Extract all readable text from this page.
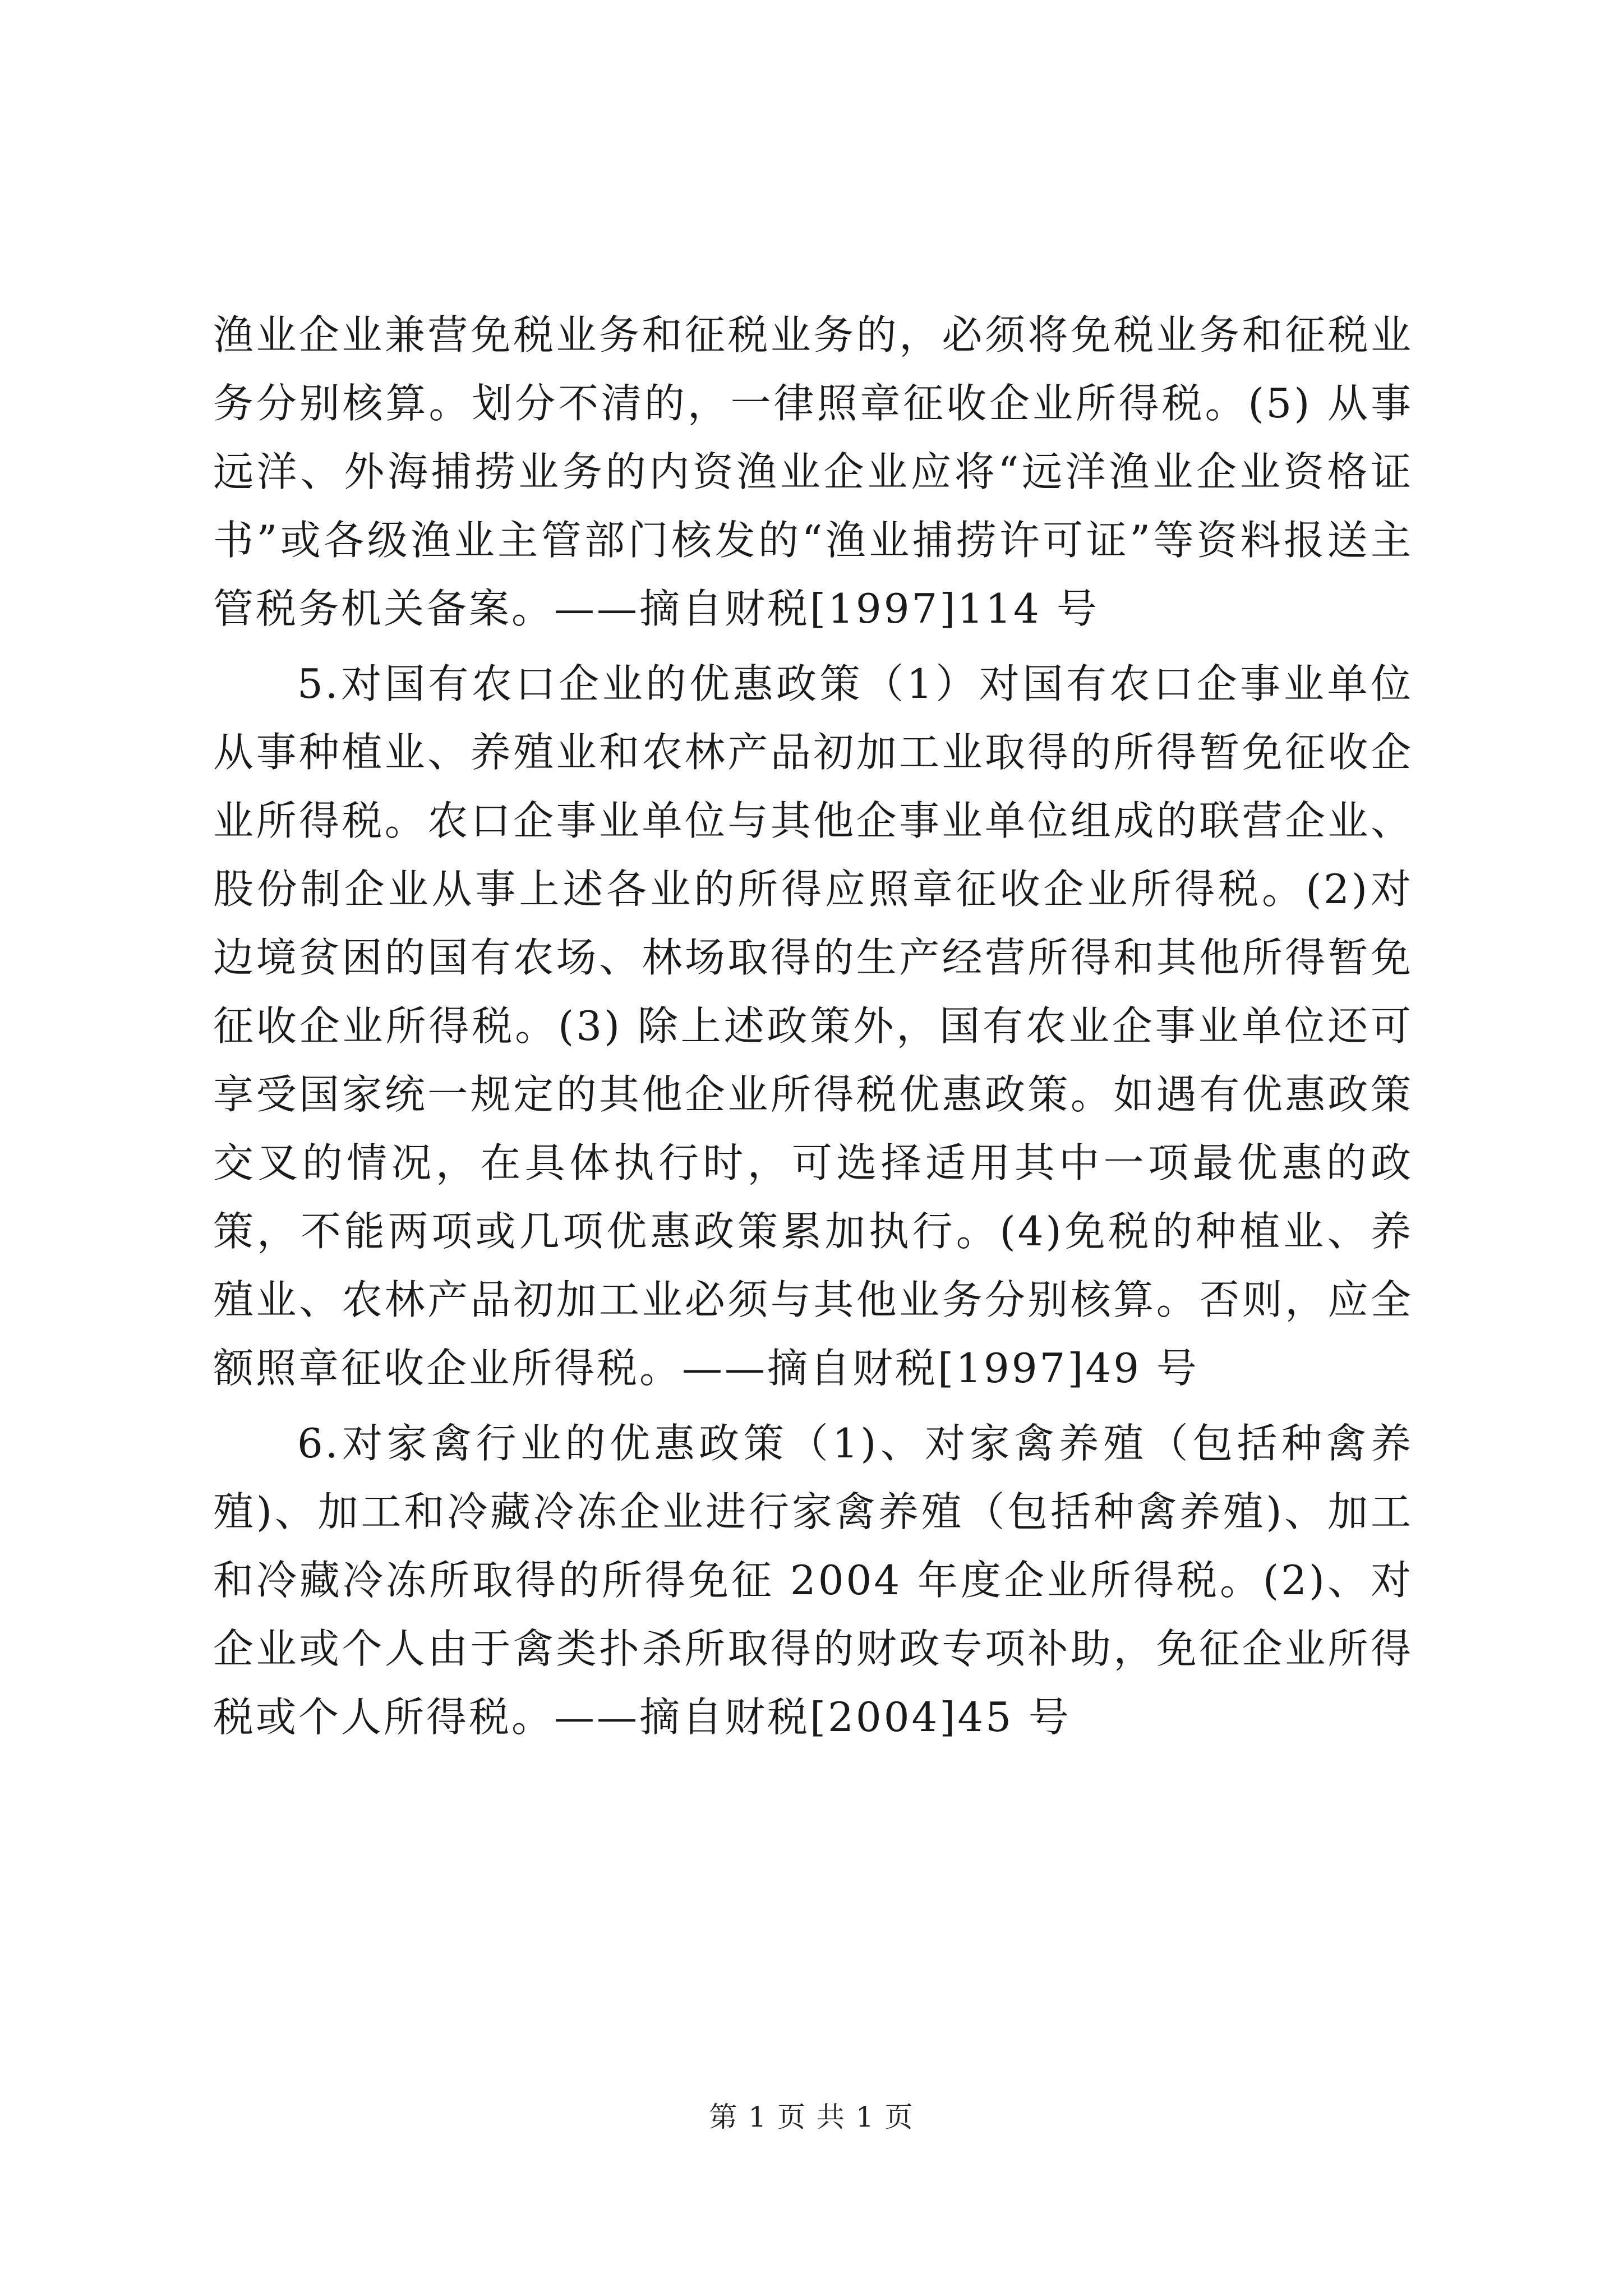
渔业企业兼营免税业务和征税业务的，必须将免税业务和征税业务分别核算。划分不清的，一律照章征收企业所得税。(5) 从事远洋、外海捕捞业务的内资渔业企业应将“远洋渔业企业资格证书”或各级渔业主管部门核发的“渔业捕捞许可证”等资料报送主管税务机关备案。——摘自财税[1997]114 号

5.对国有农口企业的优惠政策（1）对国有农口企事业单位从事种植业、养殖业和农林产品初加工业取得的所得暂免征收企业所得税。农口企事业单位与其他企事业单位组成的联营企业、股份制企业从事上述各业的所得应照章征收企业所得税。(2)对边境贫困的国有农场、林场取得的生产经营所得和其他所得暂免征收企业所得税。(3) 除上述政策外，国有农业企事业单位还可享受国家统一规定的其他企业所得税优惠政策。如遇有优惠政策交叉的情况，在具体执行时，可选择适用其中一项最优惠的政策，不能两项或几项优惠政策累加执行。(4)免税的种植业、养殖业、农林产品初加工业必须与其他业务分别核算。否则，应全额照章征收企业所得税。——摘自财税[1997]49 号

6.对家禽行业的优惠政策（1)、对家禽养殖（包括种禽养殖)、加工和冷藏冷冻企业进行家禽养殖（包括种禽养殖)、加工和冷藏冷冻所取得的所得免征 2004 年度企业所得税。(2)、对企业或个人由于禽类扑杀所取得的财政专项补助，免征企业所得税或个人所得税。——摘自财税[2004]45 号

第 1 页 共 1 页
